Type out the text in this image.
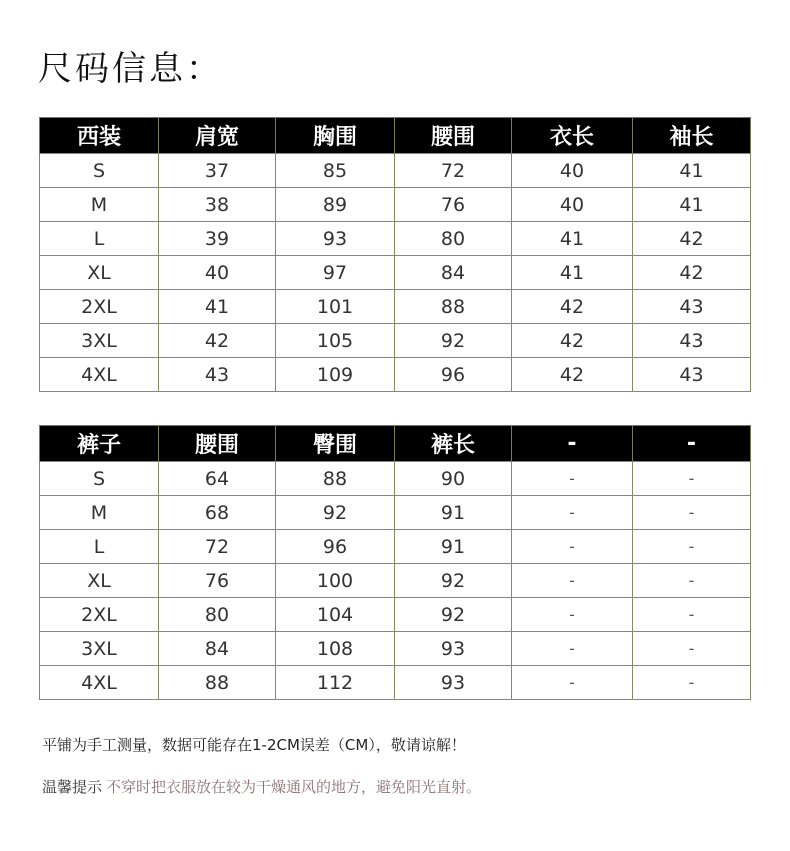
尺码信息：
西装	肩宽	胸围	腰围	衣长	袖长
S	37	85	72	40	41
M	38	89	76	40	41
L	39	93	80	41	42
XL	40	97	84	41	42
2XL	41	101	88	42	43
3XL	42	105	92	42	43
4XL	43	109	96	42	43
裤子	腰围	臀围	裤长	-	-
S	64	88	90	-	-
M	68	92	91	-	-
L	72	96	91	-	-
XL	76	100	92	-	-
2XL	80	104	92	-	-
3XL	84	108	93	-	-
4XL	88	112	93	-	-
平铺为手工测量，数据可能存在1-2CM误差（CM），敬请谅解！
温馨提示 不穿时把衣服放在较为干燥通风的地方，避免阳光直射。
